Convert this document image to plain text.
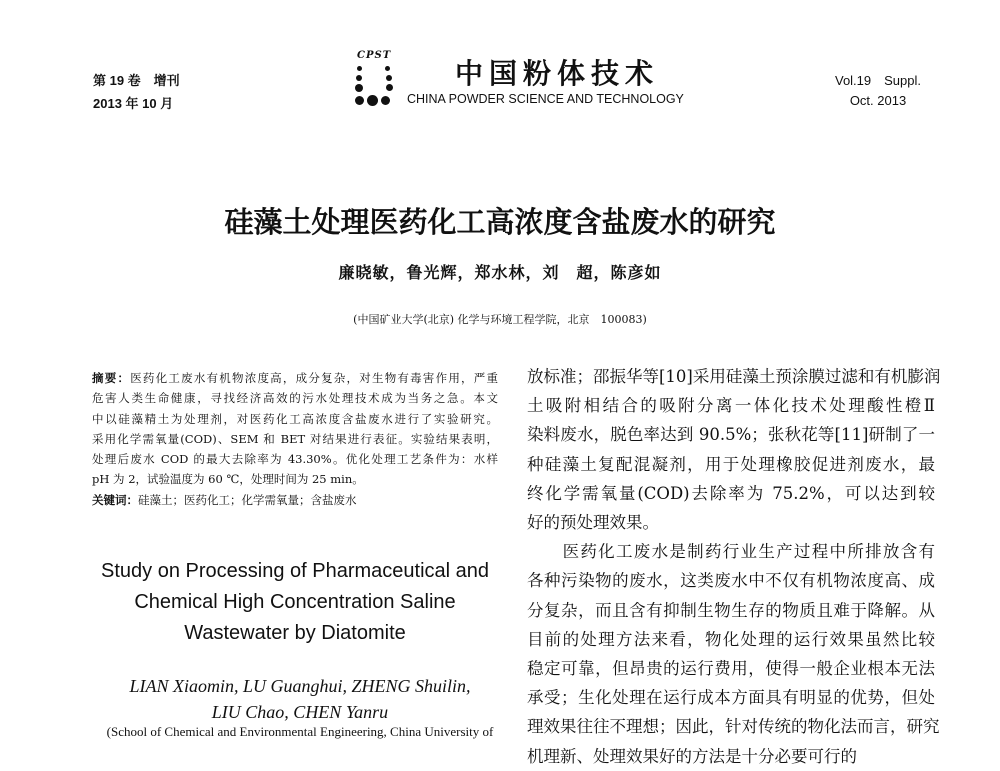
第 19 卷　增刊
2013 年 10 月
CPST
中国粉体技术
CHINA POWDER SCIENCE AND TECHNOLOGY
Vol.19　Suppl.
Oct. 2013
硅藻土处理医药化工高浓度含盐废水的研究
廉晓敏，鲁光辉，郑水林，刘　超，陈彦如
(中国矿业大学(北京) 化学与环境工程学院，北京　100083)
摘要：医药化工废水有机物浓度高，成分复杂，对生物有毒害作用，严重
危害人类生命健康，寻找经济高效的污水处理技术成为当务之急。本文
中以硅藻精土为处理剂，对医药化工高浓度含盐废水进行了实验研究。
采用化学需氧量(COD)、SEM 和 BET 对结果进行表征。实验结果表明，
处理后废水 COD 的最大去除率为 43.30%。优化处理工艺条件为：水样
pH 为 2，试验温度为 60 ℃，处理时间为 25 min。
关键词：硅藻土；医药化工；化学需氧量；含盐废水
Study on Processing of Pharmaceutical and
Chemical High Concentration Saline
Wastewater by Diatomite
LIAN Xiaomin, LU Guanghui, ZHENG Shuilin,
LIU Chao, CHEN Yanru
(School of Chemical and Environmental Engineering, China University of
放标准；邵振华等[10]采用硅藻土预涂膜过滤和有机膨润
土吸附相结合的吸附分离一体化技术处理酸性橙Ⅱ
染料废水，脱色率达到 90.5%；张秋花等[11]研制了一
种硅藻土复配混凝剂，用于处理橡胶促进剂废水，最
终化学需氧量(COD)去除率为 75.2%，可以达到较
好的预处理效果。
　　医药化工废水是制药行业生产过程中所排放含有
各种污染物的废水，这类废水中不仅有机物浓度高、成
分复杂，而且含有抑制生物生存的物质且难于降解。从
目前的处理方法来看，物化处理的运行效果虽然比较
稳定可靠，但昂贵的运行费用，使得一般企业根本无法
承受；生化处理在运行成本方面具有明显的优势，但处
理效果往往不理想；因此，针对传统的物化法而言，研究
机理新、处理效果好的方法是十分必要可行的
